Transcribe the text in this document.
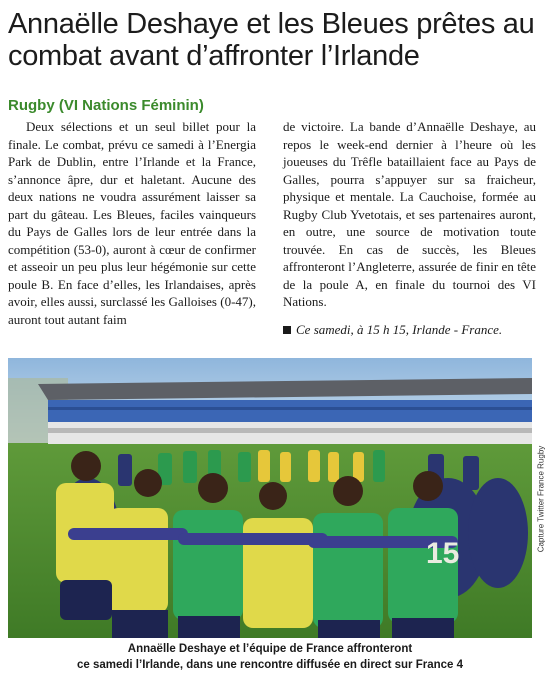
Annaëlle Deshaye et les Bleues prêtes au combat avant d’affronter l’Irlande
Rugby (VI Nations Féminin)

Deux sélections et un seul billet pour la finale. Le combat, prévu ce samedi à l’Energia Park de Dublin, entre l’Irlande et la France, s’annonce âpre, dur et haletant. Aucune des deux nations ne voudra assurément laisser sa part du gâteau. Les Bleues, faciles vainqueurs du Pays de Galles lors de leur entrée dans la compétition (53-0), auront à cœur de confirmer et asseoir un peu plus leur hégémonie sur cette poule B. En face d’elles, les Irlandaises, après avoir, elles aussi, surclassé les Galloises (0-47), auront tout autant faim

de victoire. La bande d’Annaëlle Deshaye, au repos le week-end dernier à l’heure où les joueuses du Trêfle bataillaient face au Pays de Galles, pourra s’appuyer sur sa fraicheur, physique et mentale. La Cauchoise, formée au Rugby Club Yvetotais, et ses partenaires auront, en outre, une source de motivation toute trouvée. En cas de succès, les Bleues affronteront l’Angleterre, assurée de finir en tête de la poule A, en finale du tournoi des VI Nations.

Ce samedi, à 15 h 15, Irlande - France.

15
Capture Twitter France Rugby
Annaëlle Deshaye et l’équipe de France affronteront
ce samedi l’Irlande, dans une rencontre diffusée en direct sur France 4
